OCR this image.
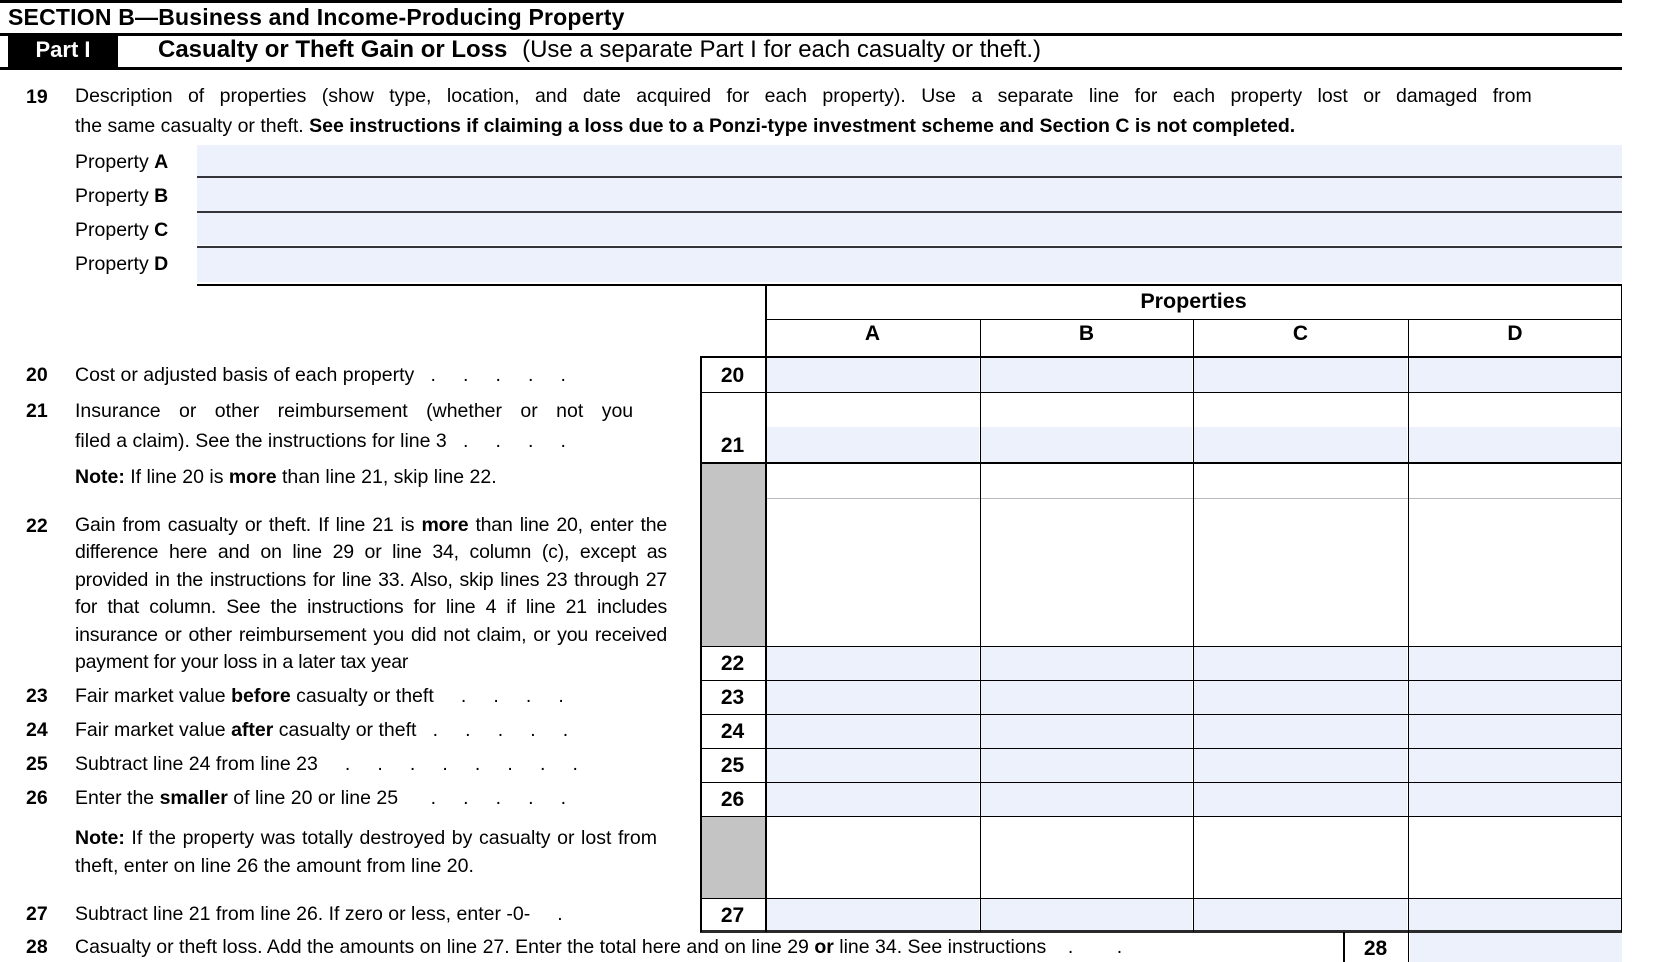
SECTION B—Business and Income-Producing Property
Part I	Casualty or Theft Gain or Loss (Use a separate Part I for each casualty or theft.)
19	Description of properties (show type, location, and date acquired for each property). Use a separate line for each property lost or damaged from
the same casualty or theft. See instructions if claiming a loss due to a Ponzi-type investment scheme and Section C is not completed.
Property A
Property B
Property C
Property D
Properties
A	B	C	D
20	Cost or adjusted basis of each property   .     .     .     .     .	20
21	Insurance or other reimbursement (whether or not you
filed a claim). See the instructions for line 3   .     .     .     .	21
Note: If line 20 is more than line 21, skip line 22.
22	Gain from casualty or theft. If line 21 is more than line 20, enter the difference here and on line 29 or line 34, column (c), except as provided in the instructions for line 33. Also, skip lines 23 through 27 for that column. See the instructions for line 4 if line 21 includes insurance or other reimbursement you did not claim, or you received payment for your loss in a later tax year	22
23	Fair market value before casualty or theft     .     .     .     .	23
24	Fair market value after casualty or theft   .     .     .     .     .	24
25	Subtract line 24 from line 23     .     .     .     .     .     .     .     .	25
26	Enter the smaller of line 20 or line 25      .     .     .     .     .	26
Note: If the property was totally destroyed by casualty or lost from theft, enter on line 26 the amount from line 20.
27	Subtract line 21 from line 26. If zero or less, enter -0-     .	27
28	Casualty or theft loss. Add the amounts on line 27. Enter the total here and on line 29 or line 34. See instructions    .        .	28
